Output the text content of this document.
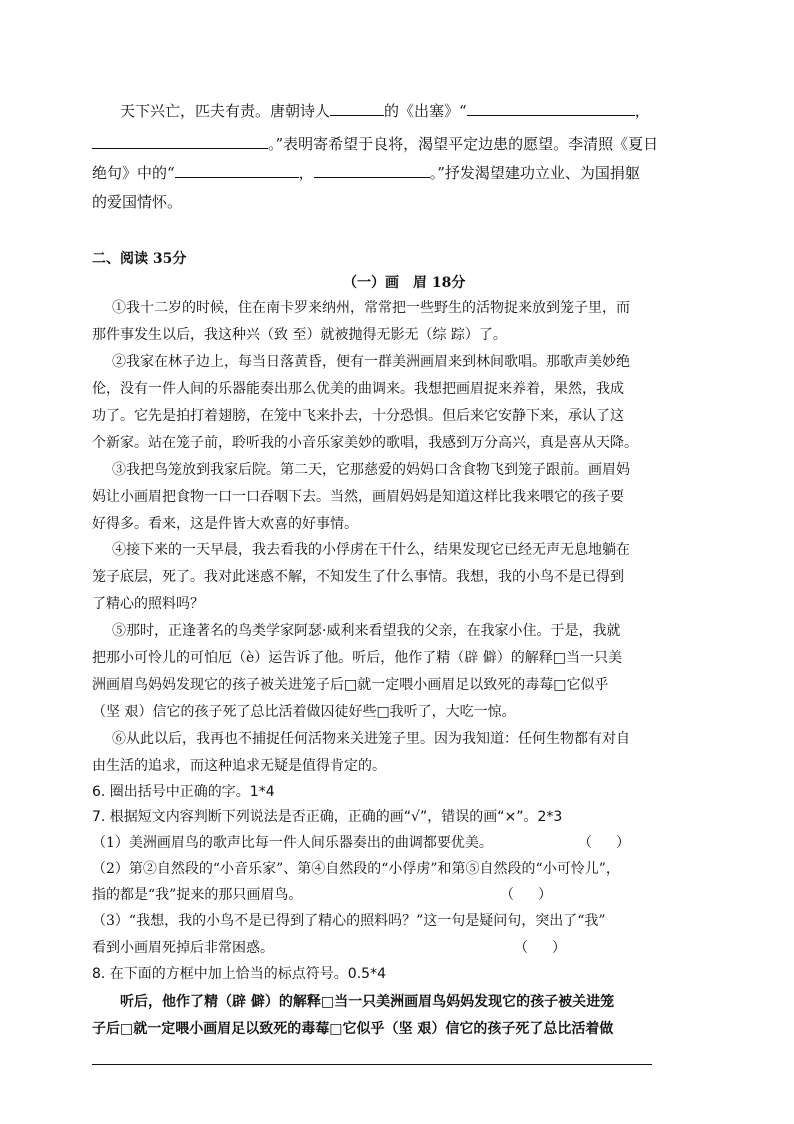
天下兴亡，匹夫有责。唐朝诗人	的《出塞》“	，
。”表明寄希望于良将，渴望平定边患的愿望。李清照《夏日
绝句》中的“	，	。”抒发渴望建功立业、为国捐躯
的爱国情怀。
二、阅读 35分
（一）画　眉 18分
①我十二岁的时候，住在南卡罗来纳州，常常把一些野生的活物捉来放到笼子里，而
那件事发生以后，我这种兴（致 至）就被抛得无影无（综 踪）了。
②我家在林子边上，每当日落黄昏，便有一群美洲画眉来到林间歌唱。那歌声美妙绝
伦，没有一件人间的乐器能奏出那么优美的曲调来。我想把画眉捉来养着，果然，我成
功了。它先是拍打着翅膀，在笼中飞来扑去，十分恐惧。但后来它安静下来，承认了这
个新家。站在笼子前，聆听我的小音乐家美妙的歌唱，我感到万分高兴，真是喜从天降。
③我把鸟笼放到我家后院。第二天，它那慈爱的妈妈口含食物飞到笼子跟前。画眉妈
妈让小画眉把食物一口一口吞咽下去。当然，画眉妈妈是知道这样比我来喂它的孩子要
好得多。看来，这是件皆大欢喜的好事情。
④接下来的一天早晨，我去看我的小俘虏在干什么，结果发现它已经无声无息地躺在
笼子底层，死了。我对此迷惑不解，不知发生了什么事情。我想，我的小鸟不是已得到
了精心的照料吗？
⑤那时，正逢著名的鸟类学家阿瑟·威利来看望我的父亲，在我家小住。于是，我就
把那小可怜儿的可怕厄（è）运告诉了他。听后，他作了精（辟 僻）的解释□当一只美
洲画眉鸟妈妈发现它的孩子被关进笼子后□就一定喂小画眉足以致死的毒莓□它似乎
（坚 艰）信它的孩子死了总比活着做囚徒好些□我听了，大吃一惊。
⑥从此以后，我再也不捕捉任何活物来关进笼子里。因为我知道：任何生物都有对自
由生活的追求，而这种追求无疑是值得肯定的。
6. 圈出括号中正确的字。1*4
7. 根据短文内容判断下列说法是否正确，正确的画“√”，错误的画“×”。2*3
（1）美洲画眉鸟的歌声比每一件人间乐器奏出的曲调都要优美。	（）
（2）第②自然段的“小音乐家”、第④自然段的“小俘虏”和第⑤自然段的“小可怜儿”，
指的都是“我”捉来的那只画眉鸟。	（）
（3）“我想，我的小鸟不是已得到了精心的照料吗？”这一句是疑问句，突出了“我”
看到小画眉死掉后非常困惑。	（）
8. 在下面的方框中加上恰当的标点符号。0.5*4
听后，他作了精（辟 僻）的解释□当一只美洲画眉鸟妈妈发现它的孩子被关进笼
子后□就一定喂小画眉足以致死的毒莓□它似乎（坚 艰）信它的孩子死了总比活着做
